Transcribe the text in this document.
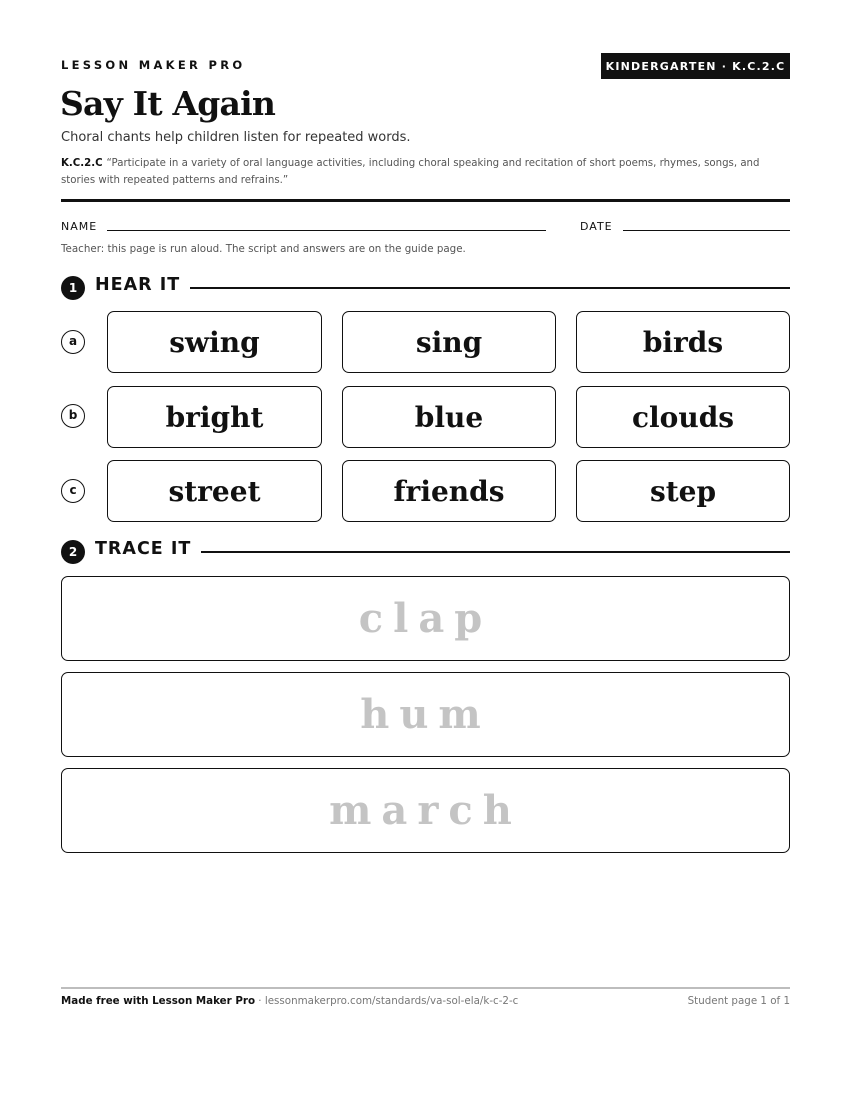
LESSON MAKER PRO	KINDERGARTEN · K.C.2.C
Say It Again
Choral chants help children listen for repeated words.
K.C.2.C “Participate in a variety of oral language activities, including choral speaking and recitation of short poems, rhymes, songs, and stories with repeated patterns and refrains.”
NAME	DATE
Teacher: this page is run aloud. The script and answers are on the guide page.
1	HEAR IT
a	swing	sing	birds
b	bright	blue	clouds
c	street	friends	step
2	TRACE IT
clap
hum
march
Made free with Lesson Maker Pro · lessonmakerpro.com/standards/va-sol-ela/k-c-2-c	Student page 1 of 1
